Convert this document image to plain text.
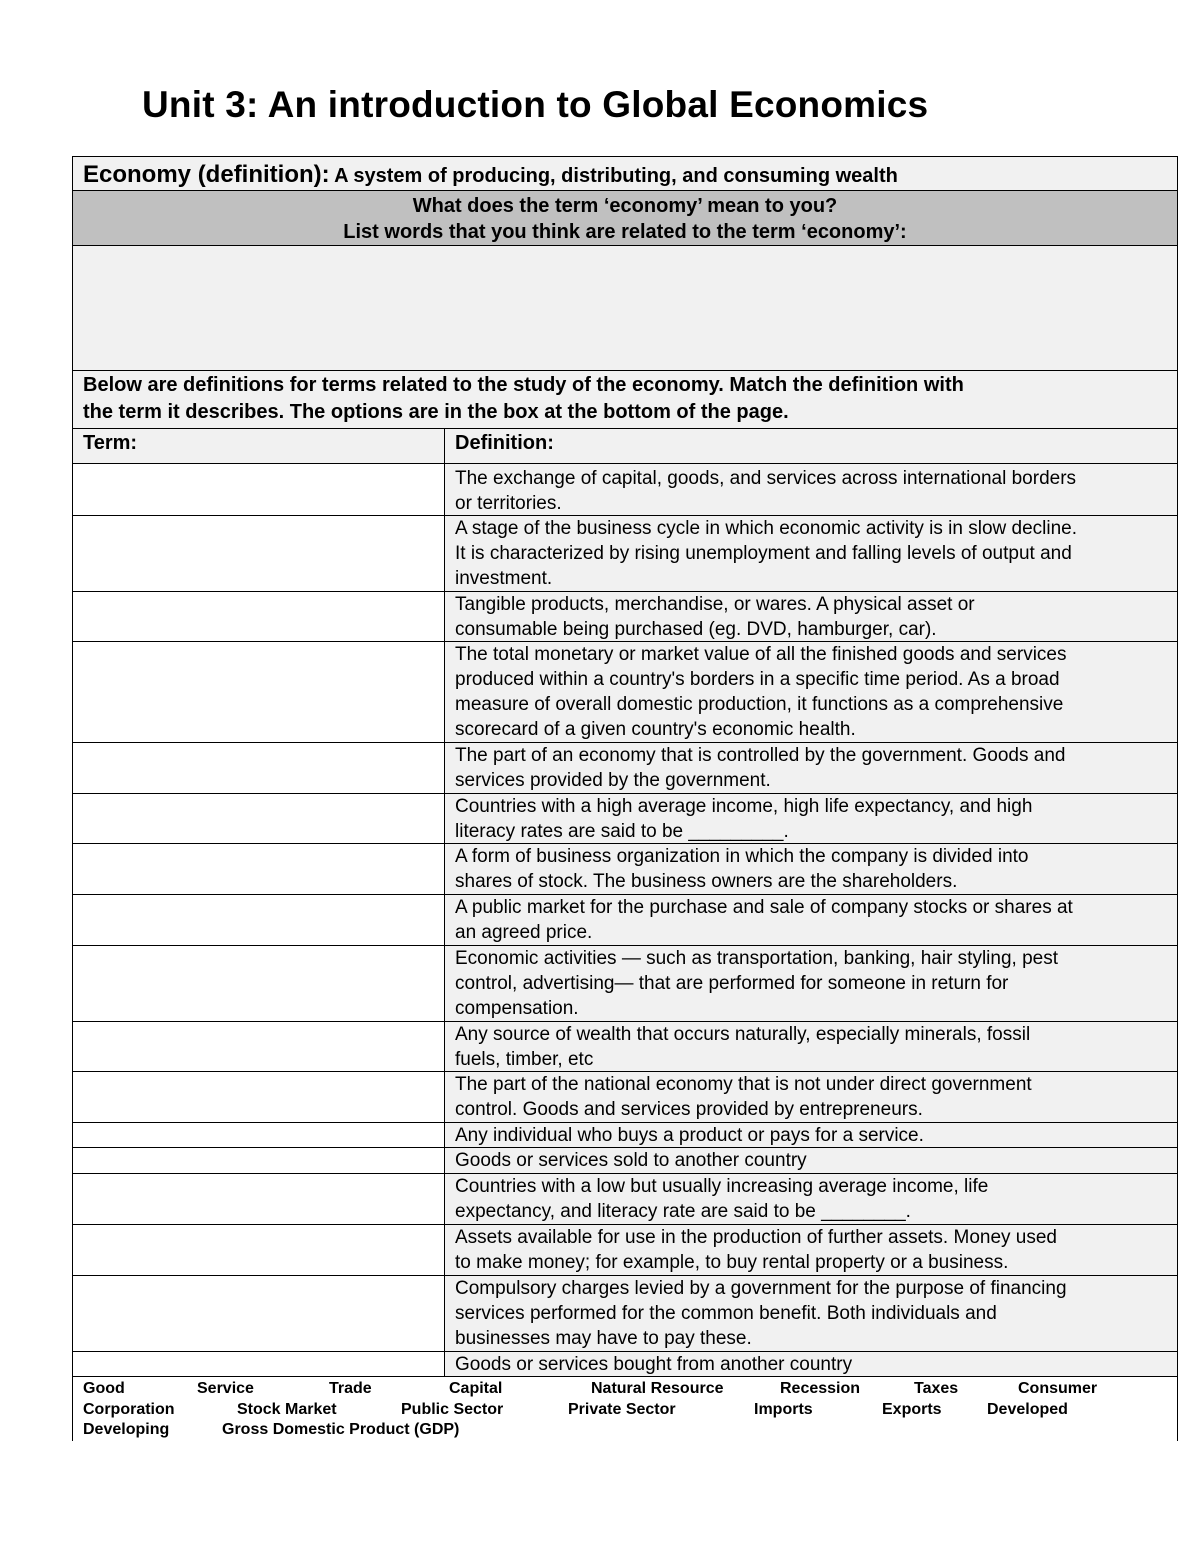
Unit 3: An introduction to Global Economics
Economy (definition): A system of producing, distributing, and consuming wealth
What does the term ‘economy’ mean to you?
List words that you think are related to the term ‘economy’:
Below are definitions for terms related to the study of the economy. Match the definition with
the term it describes. The options are in the box at the bottom of the page.
Term:	Definition:
The exchange of capital, goods, and services across international borders
or territories.
A stage of the business cycle in which economic activity is in slow decline.
It is characterized by rising unemployment and falling levels of output and
investment.
Tangible products, merchandise, or wares. A physical asset or
consumable being purchased (eg. DVD, hamburger, car).
The total monetary or market value of all the finished goods and services
produced within a country's borders in a specific time period. As a broad
measure of overall domestic production, it functions as a comprehensive
scorecard of a given country's economic health.
The part of an economy that is controlled by the government. Goods and
services provided by the government.
Countries with a high average income, high life expectancy, and high
literacy rates are said to be _________.
A form of business organization in which the company is divided into
shares of stock. The business owners are the shareholders.
A public market for the purchase and sale of company stocks or shares at
an agreed price.
Economic activities — such as transportation, banking, hair styling, pest
control, advertising— that are performed for someone in return for
compensation.
Any source of wealth that occurs naturally, especially minerals, fossil
fuels, timber, etc
The part of the national economy that is not under direct government
control. Goods and services provided by entrepreneurs.
Any individual who buys a product or pays for a service.
Goods or services sold to another country
Countries with a low but usually increasing average income, life
expectancy, and literacy rate are said to be ________.
Assets available for use in the production of further assets. Money used
to make money; for example, to buy rental property or a business.
Compulsory charges levied by a government for the purpose of financing
services performed for the common benefit. Both individuals and
businesses may have to pay these.
Goods or services bought from another country
Good	Service	Trade	Capital	Natural Resource	Recession	Taxes	Consumer
Corporation	Stock Market	Public Sector	Private Sector	Imports	Exports	Developed
Developing	Gross Domestic Product (GDP)
